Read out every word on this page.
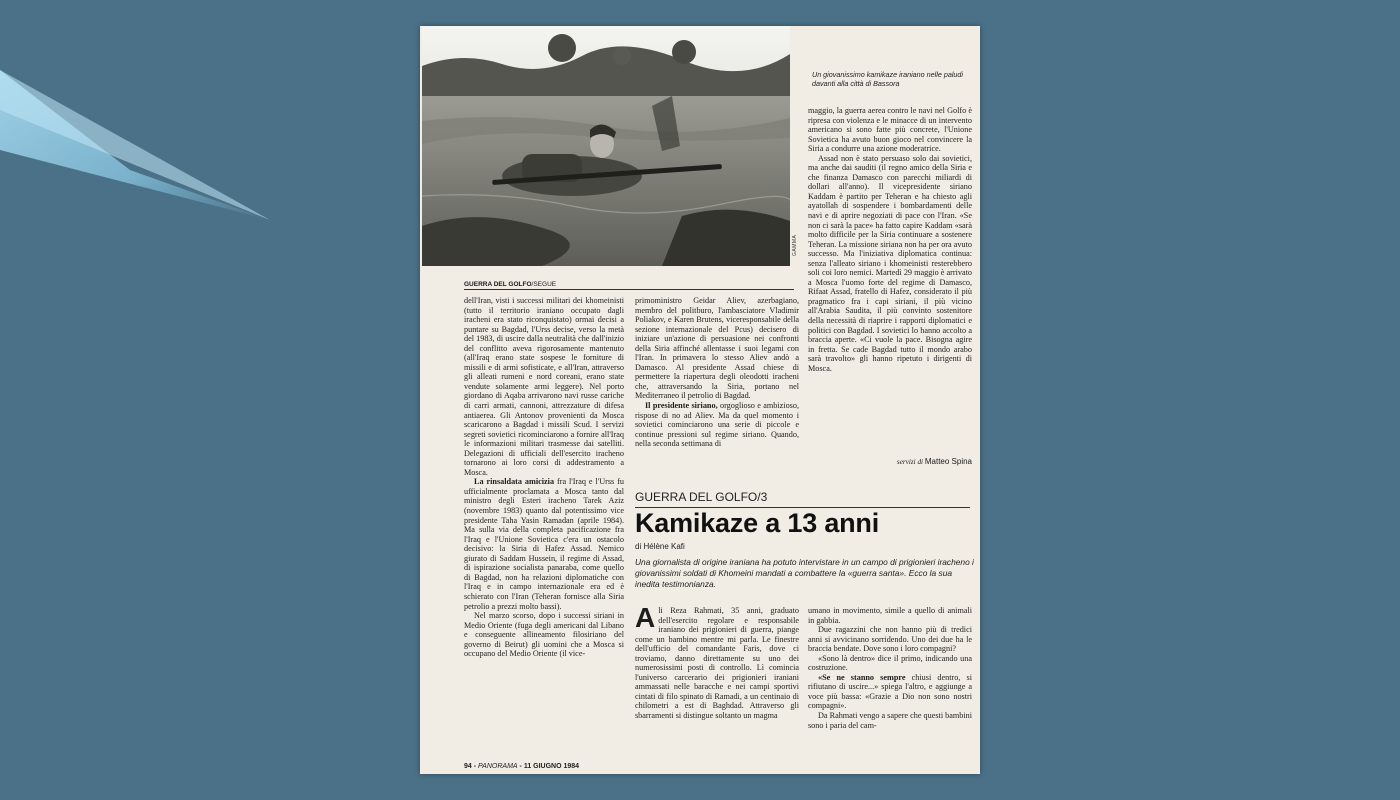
GAMMA
Un giovanissimo kamikaze iraniano nelle paludi davanti alla città di Bassora
GUERRA DEL GOLFO/SEGUE

dell'Iran, visti i successi militari dei khomeinisti (tutto il territorio iraniano occupato dagli iracheni era stato riconquistato) ormai decisi a puntare su Bagdad, l'Urss decise, verso la metà del 1983, di uscire dalla neutralità che dall'inizio del conflitto aveva rigorosamente mantenuto (all'Iraq erano state sospese le forniture di missili e di armi sofisticate, e all'Iran, attraverso gli alleati rumeni e nord coreani, erano state vendute solamente armi leggere). Nel porto giordano di Aqaba arrivarono navi russe cariche di carri armati, cannoni, attrezzature di difesa antiaerea. Gli Antonov provenienti da Mosca scaricarono a Bagdad i missili Scud. I servizi segreti sovietici ricominciarono a fornire all'Iraq le informazioni militari trasmesse dai satelliti. Delegazioni di ufficiali dell'esercito iracheno tornarono ai loro corsi di addestramento a Mosca.

La rinsaldata amicizia fra l'Iraq e l'Urss fu ufficialmente proclamata a Mosca tanto dal ministro degli Esteri iracheno Tarek Aziz (novembre 1983) quanto dal potentissimo vice presidente Taha Yasin Ramadan (aprile 1984). Ma sulla via della completa pacificazione fra l'Iraq e l'Unione Sovietica c'era un ostacolo decisivo: la Siria di Hafez Assad. Nemico giurato di Saddam Hussein, il regime di Assad, di ispirazione socialista panaraba, come quello di Bagdad, non ha relazioni diplomatiche con l'Iraq e in campo internazionale era ed è schierato con l'Iran (Teheran fornisce alla Siria petrolio a prezzi molto bassi).

Nel marzo scorso, dopo i successi siriani in Medio Oriente (fuga degli americani dal Libano e conseguente allineamento filosiriano del governo di Beirut) gli uomini che a Mosca si occupano del Medio Oriente (il vice-

primoministro Geidar Aliev, azerbagiano, membro del politburo, l'ambasciatore Vladimir Poliakov, e Karen Brutens, viceresponsabile della sezione internazionale del Pcus) decisero di iniziare un'azione di persuasione nei confronti della Siria affinché allentasse i suoi legami con l'Iran. In primavera lo stesso Aliev andò a Damasco. Al presidente Assad chiese di permettere la riapertura degli oleodotti iracheni che, attraversando la Siria, portano nel Mediterraneo il petrolio di Bagdad.

Il presidente siriano, orgoglioso e ambizioso, rispose di no ad Aliev. Ma da quel momento i sovietici cominciarono una serie di piccole e continue pressioni sul regime siriano. Quando, nella seconda settimana di

maggio, la guerra aerea contro le navi nel Golfo è ripresa con violenza e le minacce di un intervento americano si sono fatte più concrete, l'Unione Sovietica ha avuto buon gioco nel convincere la Siria a condurre una azione moderatrice.

Assad non è stato persuaso solo dai sovietici, ma anche dai sauditi (il regno amico della Siria e che finanza Damasco con parecchi miliardi di dollari all'anno). Il vicepresidente siriano Kaddam è partito per Teheran e ha chiesto agli ayatollah di sospendere i bombardamenti delle navi e di aprire negoziati di pace con l'Iran. «Se non ci sarà la pace» ha fatto capire Kaddam «sarà molto difficile per la Siria continuare a sostenere Teheran. La missione siriana non ha per ora avuto successo. Ma l'iniziativa diplomatica continua: senza l'alleato siriano i khomeinisti resterebbero soli coi loro nemici. Martedì 29 maggio è arrivato a Mosca l'uomo forte del regime di Damasco, Rifaat Assad, fratello di Hafez, considerato il più pragmatico fra i capi siriani, il più vicino all'Arabia Saudita, il più convinto sostenitore della necessità di riaprire i rapporti diplomatici e politici con Bagdad. I sovietici lo hanno accolto a braccia aperte. «Ci vuole la pace. Bisogna agire in fretta. Se cade Bagdad tutto il mondo arabo sarà travolto» gli hanno ripetuto i dirigenti di Mosca.

servizi di Matteo Spina
GUERRA DEL GOLFO/3
Kamikaze a 13 anni
di Hélène Kafi
Una giornalista di origine iraniana ha potuto intervistare in un campo di prigionieri iracheno i giovanissimi soldati di Khomeini mandati a combattere la «guerra santa». Ecco la sua inedita testimonianza.

Ali Reza Rahmati, 35 anni, graduato dell'esercito regolare e responsabile iraniano dei prigionieri di guerra, piange come un bambino mentre mi parla. Le finestre dell'ufficio del comandante Faris, dove ci troviamo, danno direttamente su uno dei numerosissimi posti di controllo. Lì comincia l'universo carcerario dei prigionieri iraniani ammassati nelle baracche e nei campi sportivi cintati di filo spinato di Ramadi, a un centinaio di chilometri a est di Baghdad. Attraverso gli sbarramenti si distingue soltanto un magma

umano in movimento, simile a quello di animali in gabbia.

Due ragazzini che non hanno più di tredici anni si avvicinano sorridendo. Uno dei due ha le braccia bendate. Dove sono i loro compagni?

«Sono là dentro» dice il primo, indicando una costruzione.

«Se ne stanno sempre chiusi dentro, si rifiutano di uscire...» spiega l'altro, e aggiunge a voce più bassa: «Grazie a Dio non sono nostri compagni».

Da Rahmati vengo a sapere che questi bambini sono i paria del cam-

94 - PANORAMA - 11 GIUGNO 1984
